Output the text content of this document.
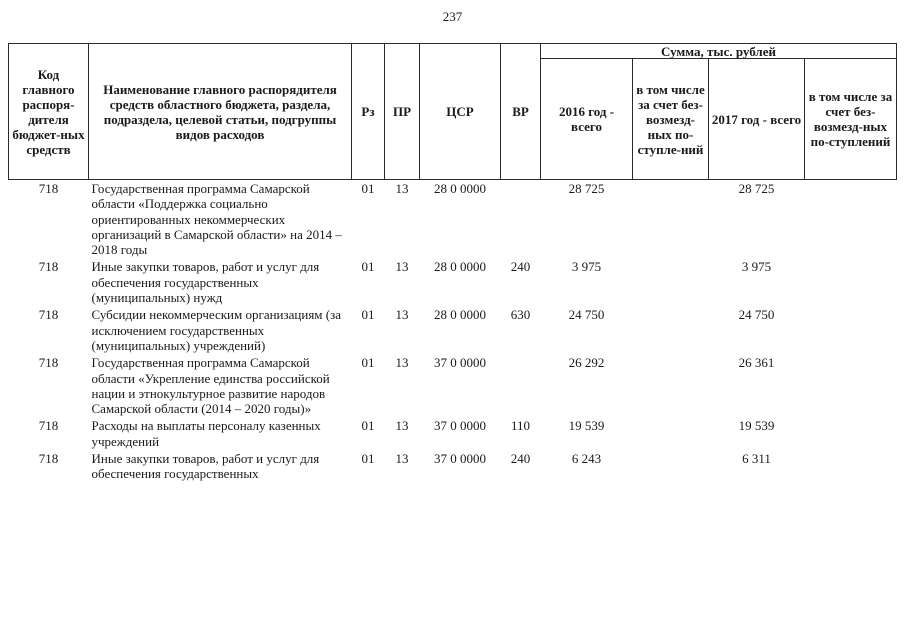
237
Код главного распоря-дителя бюджет-ных средств	Наименование главного распорядителя средств областного бюджета, раздела, подраздела, целевой статьи, подгруппы видов расходов	Рз	ПР	ЦСР	ВР	Сумма, тыс. рублей			
						2016 год - всего	в том числе за счет без-возмезд-ных по-ступле-ний	2017 год - всего	в том числе за счет без-возмезд-ных по-ступлений
718	Государственная программа Самарской области «Поддержка социально ориентированных некоммерческих организаций в Самарской области» на 2014 – 2018 годы	01	13	28 0 0000		28 725		28 725	
718	Иные закупки товаров, работ и услуг для обеспечения государственных (муниципальных) нужд	01	13	28 0 0000	240	3 975		3 975	
718	Субсидии некоммерческим организациям (за исключением государственных (муниципальных) учреждений)	01	13	28 0 0000	630	24 750		24 750	
718	Государственная программа Самарской области «Укрепление единства российской нации и этнокультурное развитие народов Самарской области (2014 – 2020 годы)»	01	13	37 0 0000		26 292		26 361	
718	Расходы на выплаты персоналу казенных учреждений	01	13	37 0 0000	110	19 539		19 539	
718	Иные закупки товаров, работ и услуг для обеспечения государственных	01	13	37 0 0000	240	6 243		6 311	
